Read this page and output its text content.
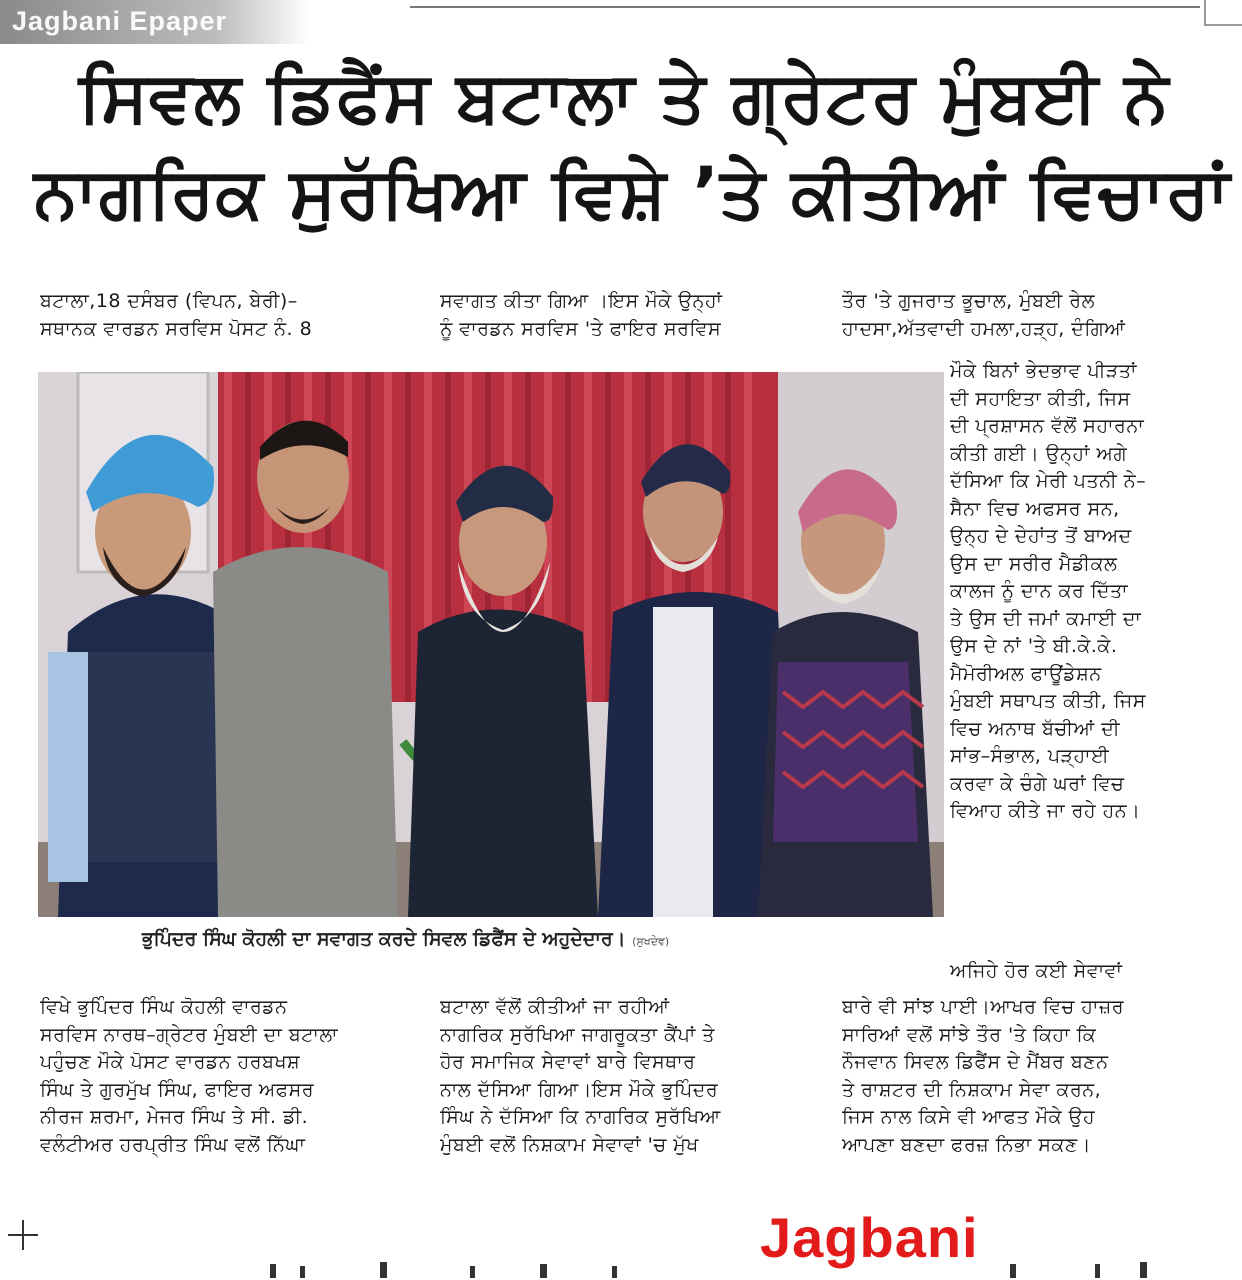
Jagbani Epaper
ਸਿਵਲ ਡਿਫੈਂਸ ਬਟਾਲਾ ਤੇ ਗ੍ਰੇਟਰ ਮੁੰਬਈ ਨੇ
ਨਾਗਰਿਕ ਸੁਰੱਖਿਆ ਵਿਸ਼ੇ ’ਤੇ ਕੀਤੀਆਂ ਵਿਚਾਰਾਂ

ਬਟਾਲਾ,18 ਦਸੰਬਰ (ਵਿਪਨ, ਬੇਰੀ)–

ਸਥਾਨਕ ਵਾਰਡਨ ਸਰਵਿਸ ਪੋਸਟ ਨੰ. 8

ਸਵਾਗਤ ਕੀਤਾ ਗਿਆ ।ਇਸ ਮੌਕੇ ਉਨ੍ਹਾਂ

ਨੂੰ ਵਾਰਡਨ ਸਰਵਿਸ 'ਤੇ ਫਾਇਰ ਸਰਵਿਸ

ਤੌਰ 'ਤੇ ਗੁਜਰਾਤ ਭੂਚਾਲ, ਮੁੰਬਈ ਰੇਲ

ਹਾਦਸਾ,ਅੱਤਵਾਦੀ ਹਮਲਾ,ਹੜ੍ਹ, ਦੰਗਿਆਂ

ਮੌਕੇ ਬਿਨਾਂ ਭੇਦਭਾਵ ਪੀੜਤਾਂ

ਦੀ ਸਹਾਇਤਾ ਕੀਤੀ, ਜਿਸ

ਦੀ ਪ੍ਰਸ਼ਾਸਨ ਵੱਲੋਂ ਸਹਾਰਨਾ

ਕੀਤੀ ਗਈ। ਉਨ੍ਹਾਂ ਅਗੇ

ਦੱਸਿਆ ਕਿ ਮੇਰੀ ਪਤਨੀ ਨੇ–

ਸੈਨਾ ਵਿਚ ਅਫਸਰ ਸਨ,

ਉਨ੍ਹ ਦੇ ਦੇਹਾਂਤ ਤੋਂ ਬਾਅਦ

ਉਸ ਦਾ ਸਰੀਰ ਮੈਡੀਕਲ

ਕਾਲਜ ਨੂੰ ਦਾਨ ਕਰ ਦਿੱਤਾ

ਤੇ ਉਸ ਦੀ ਜਮਾਂ ਕਮਾਈ ਦਾ

ਉਸ ਦੇ ਨਾਂ 'ਤੇ ਬੀ.ਕੇ.ਕੇ.

ਮੈਮੋਰੀਅਲ ਫਾਊਂਡੇਸ਼ਨ

ਮੁੰਬਈ ਸਥਾਪਤ ਕੀਤੀ, ਜਿਸ

ਵਿਚ ਅਨਾਥ ਬੱਚੀਆਂ ਦੀ

ਸਾਂਭ–ਸੰਭਾਲ, ਪੜ੍ਹਾਈ

ਕਰਵਾ ਕੇ ਚੰਗੇ ਘਰਾਂ ਵਿਚ

ਵਿਆਹ ਕੀਤੇ ਜਾ ਰਹੇ ਹਨ।

ਭੁਪਿੰਦਰ ਸਿੰਘ ਕੋਹਲੀ ਦਾ ਸਵਾਗਤ ਕਰਦੇ ਸਿਵਲ ਡਿਫੈਂਸ ਦੇ ਅਹੁਦੇਦਾਰ। (ਸੁਖਦੇਵ)

ਵਿਖੇ ਭੁਪਿੰਦਰ ਸਿੰਘ ਕੋਹਲੀ ਵਾਰਡਨ

ਸਰਵਿਸ ਨਾਰਥ–ਗ੍ਰੇਟਰ ਮੁੰਬਈ ਦਾ ਬਟਾਲਾ

ਪਹੁੰਚਣ ਮੌਕੇ ਪੋਸਟ ਵਾਰਡਨ ਹਰਬਖਸ਼

ਸਿੰਘ ਤੇ ਗੁਰਮੁੱਖ ਸਿੰਘ, ਫਾਇਰ ਅਫਸਰ

ਨੀਰਜ ਸ਼ਰਮਾ, ਮੇਜਰ ਸਿੰਘ ਤੇ ਸੀ. ਡੀ.

ਵਲੰਟੀਅਰ ਹਰਪ੍ਰੀਤ ਸਿੰਘ ਵਲੋਂ ਨਿੱਘਾ

ਬਟਾਲਾ ਵੱਲੋਂ ਕੀਤੀਆਂ ਜਾ ਰਹੀਆਂ

ਨਾਗਰਿਕ ਸੁਰੱਖਿਆ ਜਾਗਰੂਕਤਾ ਕੈਂਪਾਂ ਤੇ

ਹੋਰ ਸਮਾਜਿਕ ਸੇਵਾਵਾਂ ਬਾਰੇ ਵਿਸਥਾਰ

ਨਾਲ ਦੱਸਿਆ ਗਿਆ।ਇਸ ਮੌਕੇ ਭੁਪਿੰਦਰ

ਸਿੰਘ ਨੇ ਦੱਸਿਆ ਕਿ ਨਾਗਰਿਕ ਸੁਰੱਖਿਆ

ਮੁੰਬਈ ਵਲੋਂ ਨਿਸ਼ਕਾਮ ਸੇਵਾਵਾਂ 'ਚ ਮੁੱਖ

ਅਜਿਹੇ ਹੋਰ ਕਈ ਸੇਵਾਵਾਂ

ਬਾਰੇ ਵੀ ਸਾਂਝ ਪਾਈ।ਆਖਰ ਵਿਚ ਹਾਜ਼ਰ

ਸਾਰਿਆਂ ਵਲੋਂ ਸਾਂਝੇ ਤੌਰ 'ਤੇ ਕਿਹਾ ਕਿ

ਨੌਜਵਾਨ ਸਿਵਲ ਡਿਫੈਂਸ ਦੇ ਮੈਂਬਰ ਬਣਨ

ਤੇ ਰਾਸ਼ਟਰ ਦੀ ਨਿਸ਼ਕਾਮ ਸੇਵਾ ਕਰਨ,

ਜਿਸ ਨਾਲ ਕਿਸੇ ਵੀ ਆਫਤ ਮੌਕੇ ਉਹ

ਆਪਣਾ ਬਣਦਾ ਫਰਜ਼ ਨਿਭਾ ਸਕਣ।

Jagbani
